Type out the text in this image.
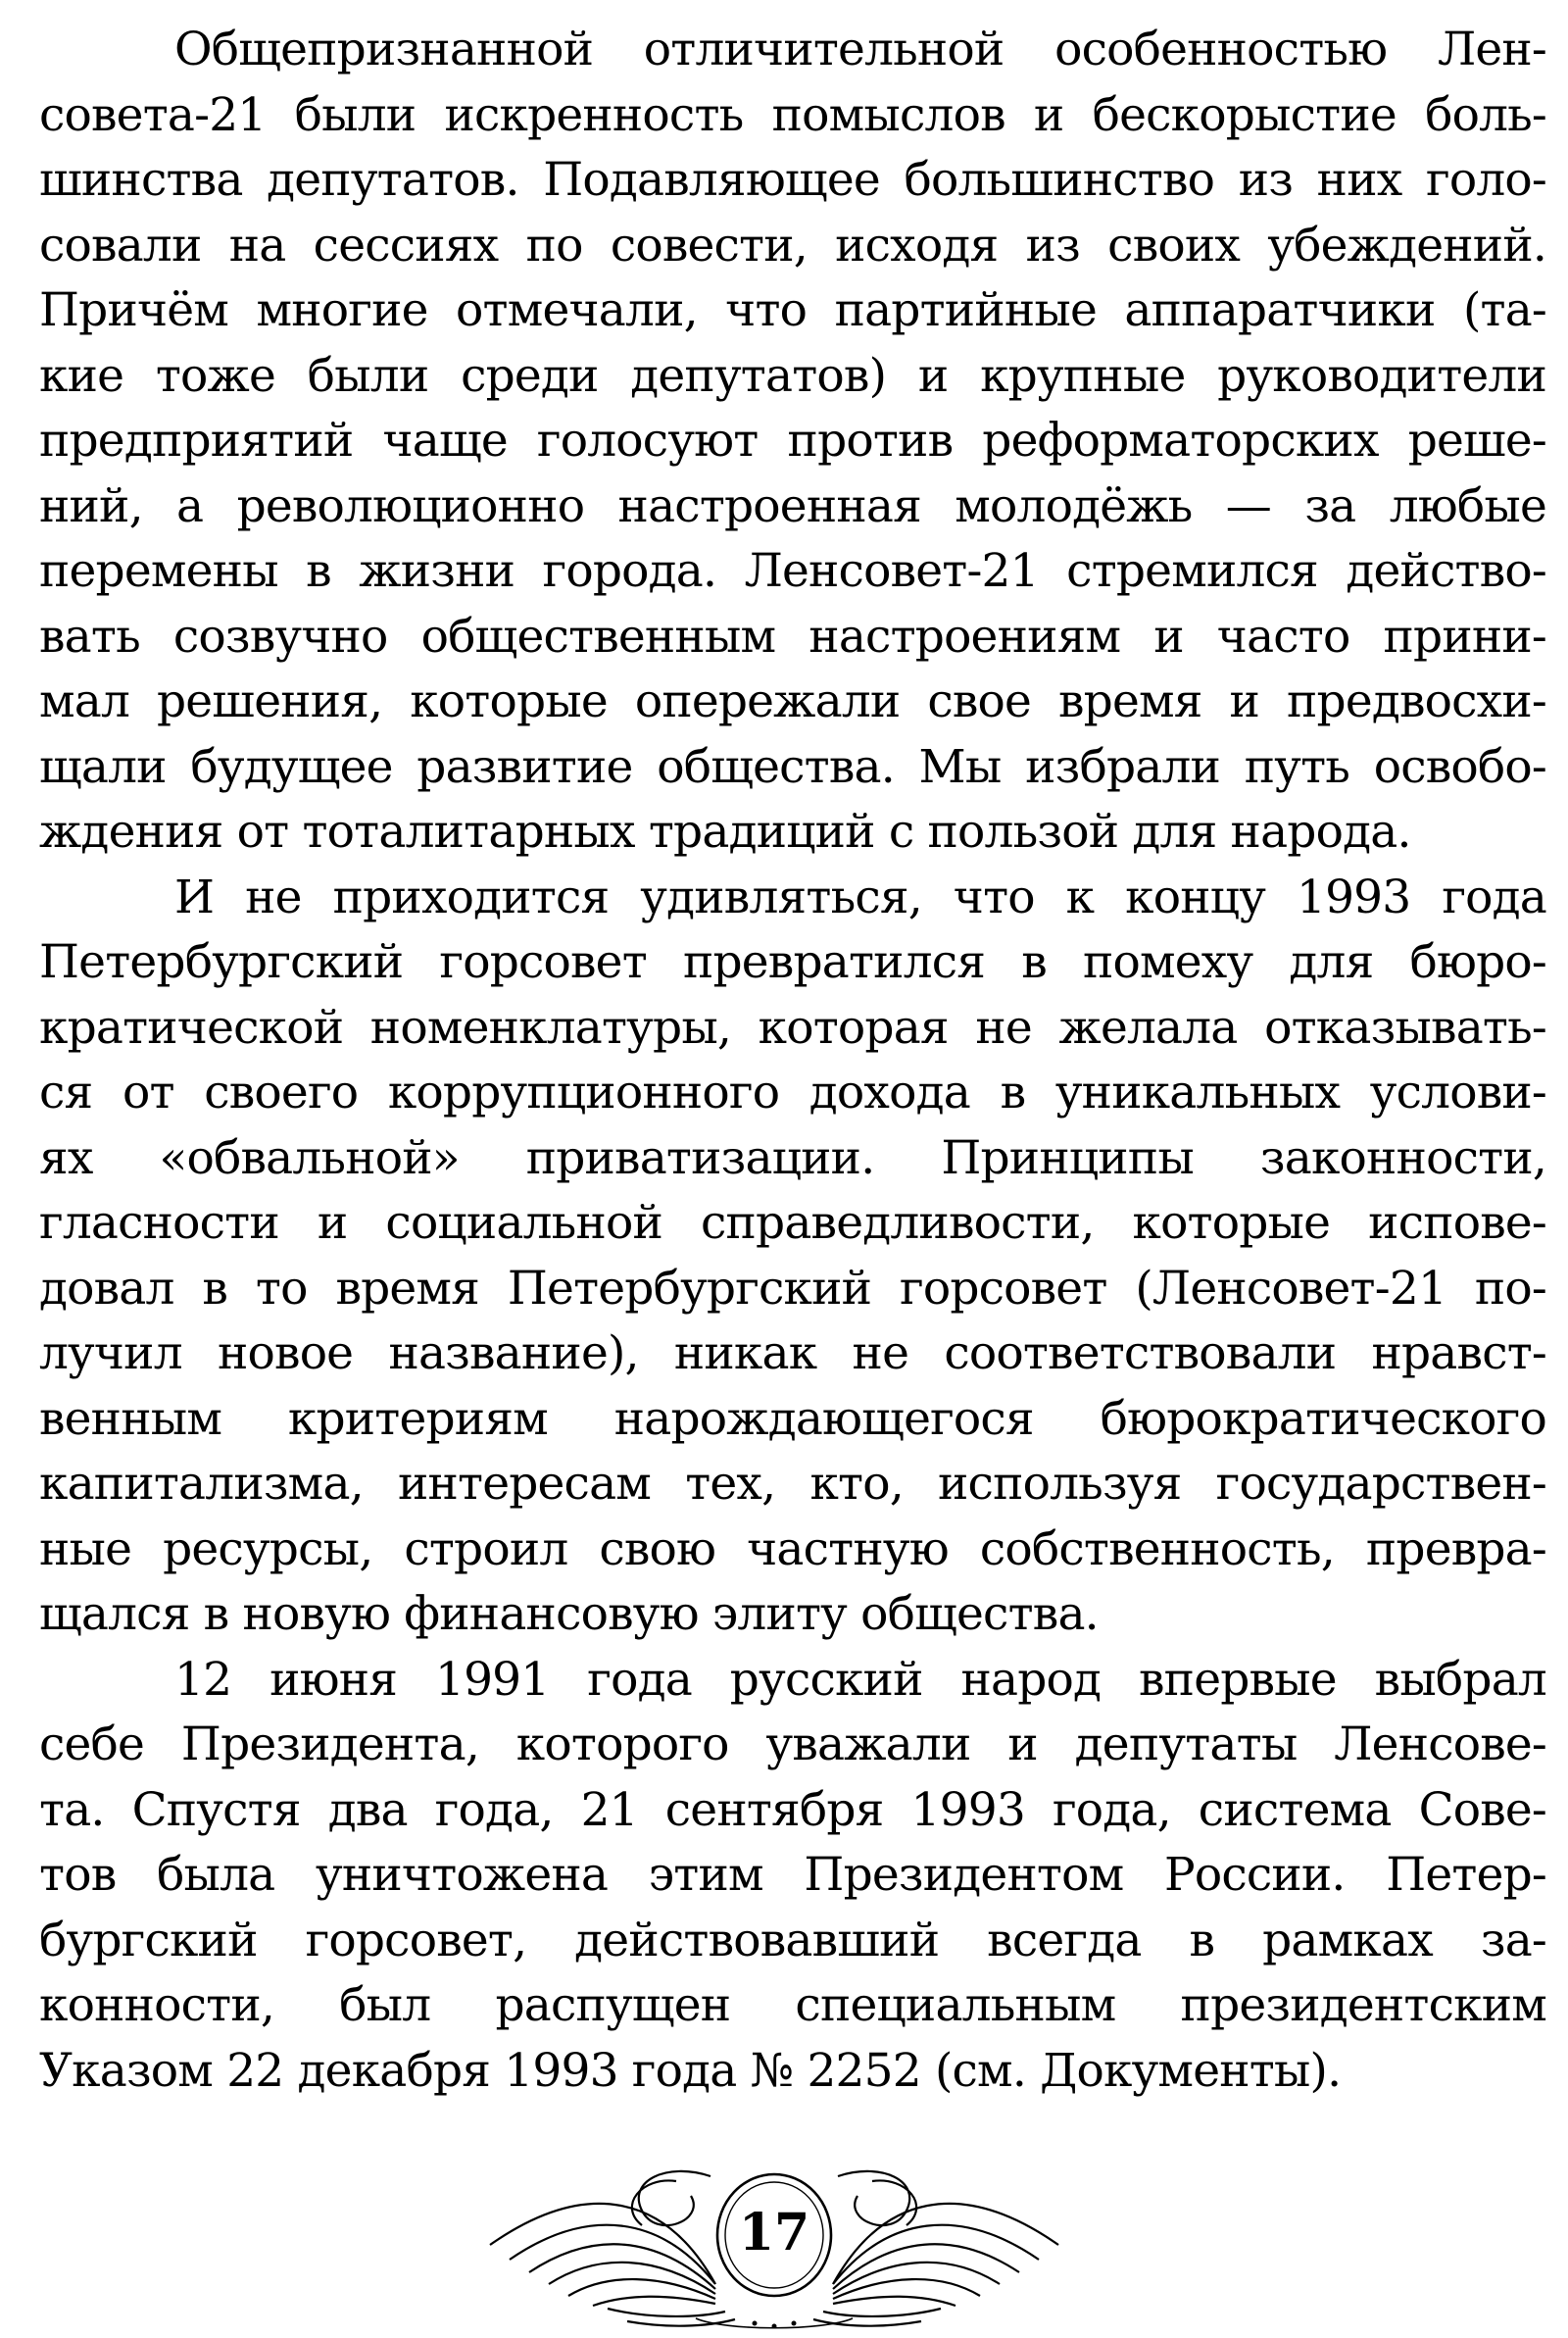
Общепризнанной отличительной особенностью Лен-
совета-21 были искренность помыслов и бескорыстие боль-
шинства депутатов. Подавляющее большинство из них голо-
совали на сессиях по совести, исходя из своих убеждений.
Причём многие отмечали, что партийные аппаратчики (та-
кие тоже были среди депутатов) и крупные руководители
предприятий чаще голосуют против реформаторских реше-
ний, а революционно настроенная молодёжь — за любые
перемены в жизни города. Ленсовет-21 стремился действо-
вать созвучно общественным настроениям и часто прини-
мал решения, которые опережали свое время и предвосхи-
щали будущее развитие общества. Мы избрали путь освобо-
ждения от тоталитарных традиций с пользой для народа.
И не приходится удивляться, что к концу 1993 года
Петербургский горсовет превратился в помеху для бюро-
кратической номенклатуры, которая не желала отказывать-
ся от своего коррупционного дохода в уникальных услови-
ях «обвальной» приватизации. Принципы законности,
гласности и социальной справедливости, которые испове-
довал в то время Петербургский горсовет (Ленсовет-21 по-
лучил новое название), никак не соответствовали нравст-
венным критериям нарождающегося бюрократического
капитализма, интересам тех, кто, используя государствен-
ные ресурсы, строил свою частную собственность, превра-
щался в новую финансовую элиту общества.
12 июня 1991 года русский народ впервые выбрал
себе Президента, которого уважали и депутаты Ленсове-
та. Спустя два года, 21 сентября 1993 года, система Сове-
тов была уничтожена этим Президентом России. Петер-
бургский горсовет, действовавший всегда в рамках за-
конности, был распущен специальным президентским
Указом 22 декабря 1993 года № 2252 (см. Документы).
17
